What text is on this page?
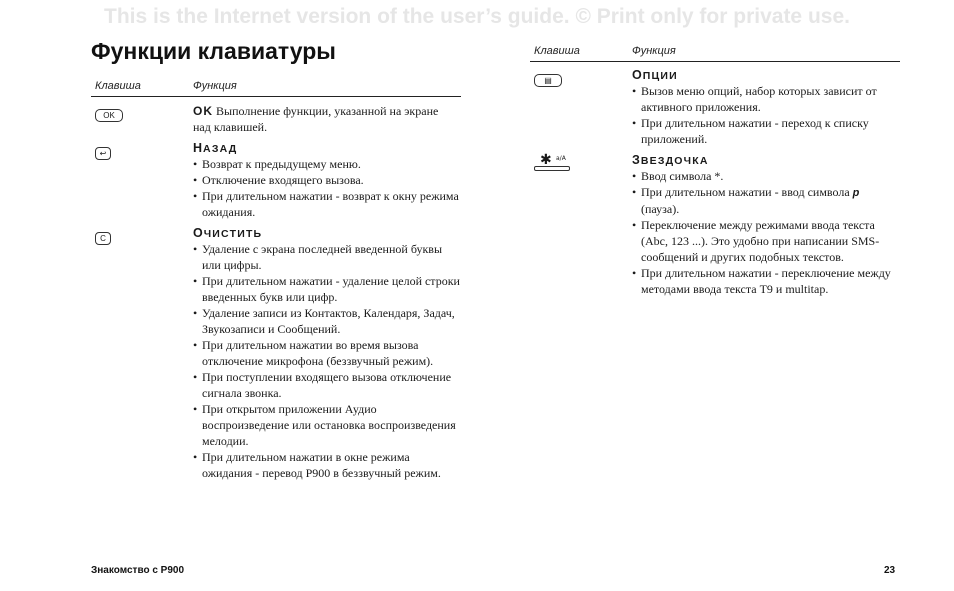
This is the Internet version of the user’s guide. © Print only for private use.
Функции клавиатуры
Клавиша	Функция
OK	OK Выполнение функции, указанной на экране

над клавишей.

↩	НАЗАД
• Возврат к предыдущему меню.
• Отключение входящего вызова.
• При длительном нажатии - возврат к окну режима ожидания.
C	ОЧИСТИТЬ
• Удаление с экрана последней введенной буквы или цифры.
• При длительном нажатии - удаление целой строки введенных букв или цифр.
• Удаление записи из Контактов, Календаря, Задач, Звукозаписи и Сообщений.
• При длительном нажатии во время вызова отключение микрофона (беззвучный режим).
• При поступлении входящего вызова отключение сигнала звонка.
• При открытом приложении Аудио воспроизведение или остановка воспроизведения мелодии.
• При длительном нажатии в окне режима ожидания - перевод P900 в беззвучный режим.
Клавиша	Функция
▤	ОПЦИИ
• Вызов меню опций, набор которых зависит от активного приложения.
• При длительном нажатии - переход к списку приложений.
✱ a/A	ЗВЕЗДОЧКА
• Ввод символа *.
• При длительном нажатии - ввод символа p (пауза).
• Переключение между режимами ввода текста (Abc, 123 ...). Это удобно при написании SMS-сообщений и других подобных текстов.
• При длительном нажатии - переключение между методами ввода текста T9 и multitap.
Знакомство с P900	23
